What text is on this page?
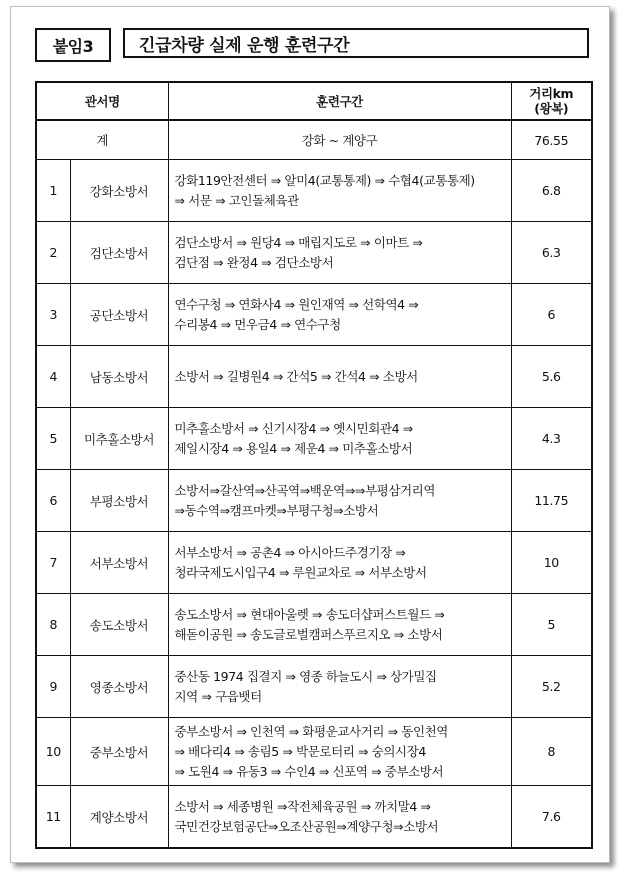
붙임3	긴급차량 실제 운행 훈련구간
관서명		훈련구간	거리km
(왕복)

계		강화 ~ 계양구	76.55
1	강화소방서	강화119안전센터 ⇒ 알미4(교통통제) ⇒ 수협4(교통통제)
⇒ 서문 ⇒ 고인돌체육관	6.8
2	검단소방서	검단소방서 ⇒ 원당4 ⇒ 매립지도로 ⇒ 이마트 ⇒
검단점 ⇒ 완정4 ⇒ 검단소방서	6.3
3	공단소방서	연수구청 ⇒ 연화사4 ⇒ 원인재역 ⇒ 선학역4 ⇒
수리봉4 ⇒ 먼우금4 ⇒ 연수구청	6
4	남동소방서	소방서 ⇒ 길병원4 ⇒ 간석5 ⇒ 간석4 ⇒ 소방서	5.6
5	미추홀소방서	미추홀소방서 ⇒ 신기시장4 ⇒ 옛시민회관4 ⇒
제일시장4 ⇒ 용일4 ⇒ 제운4 ⇒ 미추홀소방서	4.3
6	부평소방서	소방서⇒갈산역⇒산곡역⇒백운역⇒⇒부평삼거리역
⇒동수역⇒캠프마켓⇒부평구청⇒소방서	11.75
7	서부소방서	서부소방서 ⇒ 공촌4 ⇒ 아시아드주경기장 ⇒
청라국제도시입구4 ⇒ 루원교차로 ⇒ 서부소방서	10
8	송도소방서	송도소방서 ⇒ 현대아울렛 ⇒ 송도더샵퍼스트월드 ⇒
해돋이공원 ⇒ 송도글로벌캠퍼스푸르지오 ⇒ 소방서	5
9	영종소방서	중산동 1974 집결지 ⇒ 영종 하늘도시 ⇒ 상가밀집
지역 ⇒ 구읍뱃터	5.2
10	중부소방서	중부소방서 ⇒ 인천역 ⇒ 화평운교사거리 ⇒ 동인천역
⇒ 배다리4 ⇒ 송림5 ⇒ 박문로터리 ⇒ 숭의시장4
⇒ 도원4 ⇒ 유동3 ⇒ 수인4 ⇒ 신포역 ⇒ 중부소방서	8
11	계양소방서	소방서 ⇒ 세종병원 ⇒작전체육공원 ⇒ 까치말4 ⇒
국민건강보험공단⇒오조산공원⇒계양구청⇒소방서	7.6
